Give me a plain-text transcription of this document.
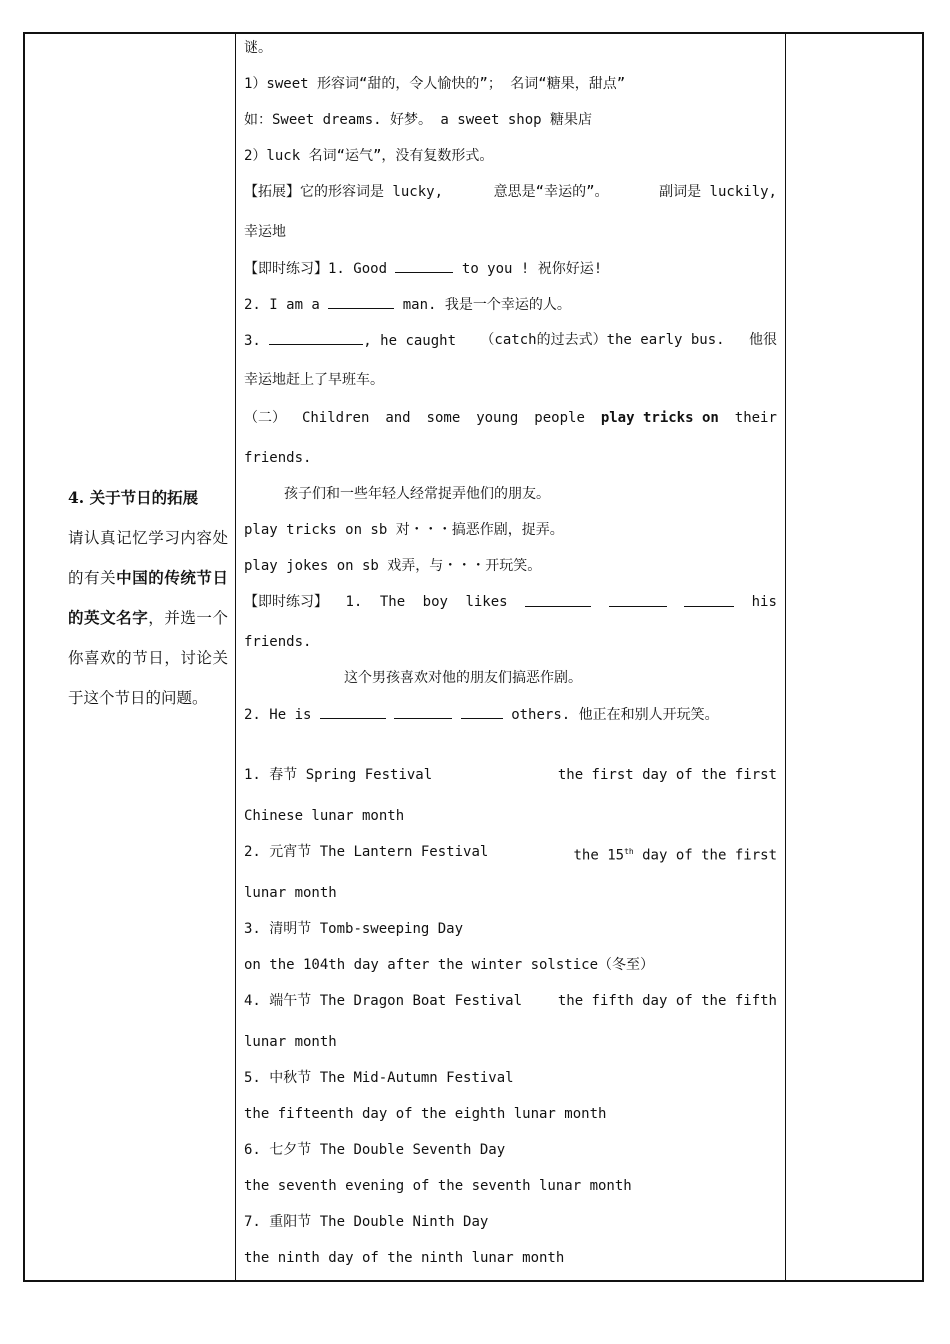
4. 关于节日的拓展
请认真记忆学习内容处的有关中国的传统节日的英文名字，并选一个你喜欢的节日，讨论关于这个节日的问题。
谜。
1）sweet 形容词“甜的，令人愉快的”； 名词“糖果，甜点”
如：Sweet dreams. 好梦。 a sweet shop 糖果店
2）luck 名词“运气”，没有复数形式。
【拓展】它的形容词是 lucky,	意思是“幸运的”。	副词是 luckily,
幸运地
【即时练习】1. Good	to you ! 祝你好运!
2. I am a	man. 我是一个幸运的人。
3.	, he caught （catch的过去式）the early bus. 他很
幸运地赶上了早班车。
（二） Children and some young people play tricks on their
friends.
孩子们和一些年轻人经常捉弄他们的朋友。
play tricks on sb 对・・・搞恶作剧，捉弄。
play jokes on sb 戏弄，与・・・开玩笑。
【即时练习】 1. The boy likes	his
friends.
这个男孩喜欢对他的朋友们搞恶作剧。
2. He is	others. 他正在和别人开玩笑。
1. 春节 Spring Festival	the first day of the first
Chinese lunar month
2. 元宵节 The Lantern Festival	the 15th day of the first
lunar month
3. 清明节 Tomb-sweeping Day
on the 104th day after the winter solstice（冬至）
4. 端午节 The Dragon Boat Festival	the fifth day of the fifth
lunar month
5. 中秋节 The Mid-Autumn Festival
the fifteenth day of the eighth lunar month
6. 七夕节 The Double Seventh Day
the seventh evening of the seventh lunar month
7. 重阳节 The Double Ninth Day
the ninth day of the ninth lunar month
